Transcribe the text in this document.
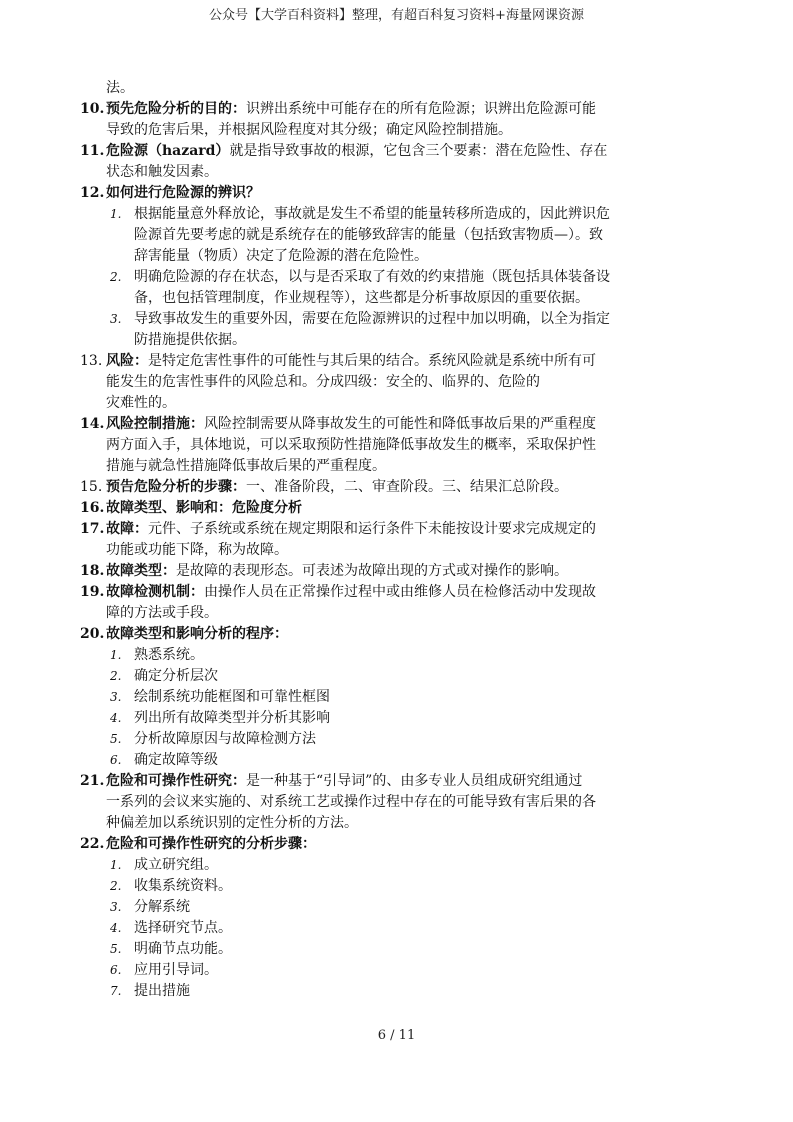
公众号【大学百科资料】整理，有超百科复习资料+海量网课资源
法。
10. 预先危险分析的目的：识辨出系统中可能存在的所有危险源；识辨出危险源可能
导致的危害后果，并根据风险程度对其分级；确定风险控制措施。
11. 危险源（hazard）就是指导致事故的根源，它包含三个要素：潜在危险性、存在
状态和触发因素。
12. 如何进行危险源的辨识？
1. 根据能量意外释放论，事故就是发生不希望的能量转移所造成的，因此辨识危
险源首先要考虑的就是系统存在的能够致辞害的能量（包括致害物质—）。致
辞害能量（物质）决定了危险源的潜在危险性。
2. 明确危险源的存在状态，以与是否采取了有效的约束措施（既包括具体装备设
备，也包括管理制度，作业规程等），这些都是分析事故原因的重要依据。
3. 导致事故发生的重要外因，需要在危险源辨识的过程中加以明确，以全为指定
防措施提供依据。
13. 风险：是特定危害性事件的可能性与其后果的结合。系统风险就是系统中所有可
能发生的危害性事件的风险总和。分成四级：安全的、临界的、危险的
灾难性的。
14. 风险控制措施：风险控制需要从降事故发生的可能性和降低事故后果的严重程度
两方面入手，具体地说，可以采取预防性措施降低事故发生的概率，采取保护性
措施与就急性措施降低事故后果的严重程度。
15. 预告危险分析的步骤：一、准备阶段，二、审查阶段。三、结果汇总阶段。
16. 故障类型、影响和：危险度分析
17. 故障：元件、子系统或系统在规定期限和运行条件下未能按设计要求完成规定的
功能或功能下降，称为故障。
18. 故障类型：是故障的表现形态。可表述为故障出现的方式或对操作的影响。
19. 故障检测机制：由操作人员在正常操作过程中或由维修人员在检修活动中发现故
障的方法或手段。
20. 故障类型和影响分析的程序：
1. 熟悉系统。
2. 确定分析层次
3. 绘制系统功能框图和可靠性框图
4. 列出所有故障类型并分析其影响
5. 分析故障原因与故障检测方法
6. 确定故障等级
21. 危险和可操作性研究：是一种基于“引导词”的、由多专业人员组成研究组通过
一系列的会议来实施的、对系统工艺或操作过程中存在的可能导致有害后果的各
种偏差加以系统识别的定性分析的方法。
22. 危险和可操作性研究的分析步骤：
1. 成立研究组。
2. 收集系统资料。
3. 分解系统
4. 选择研究节点。
5. 明确节点功能。
6. 应用引导词。
7. 提出措施
6 / 11
